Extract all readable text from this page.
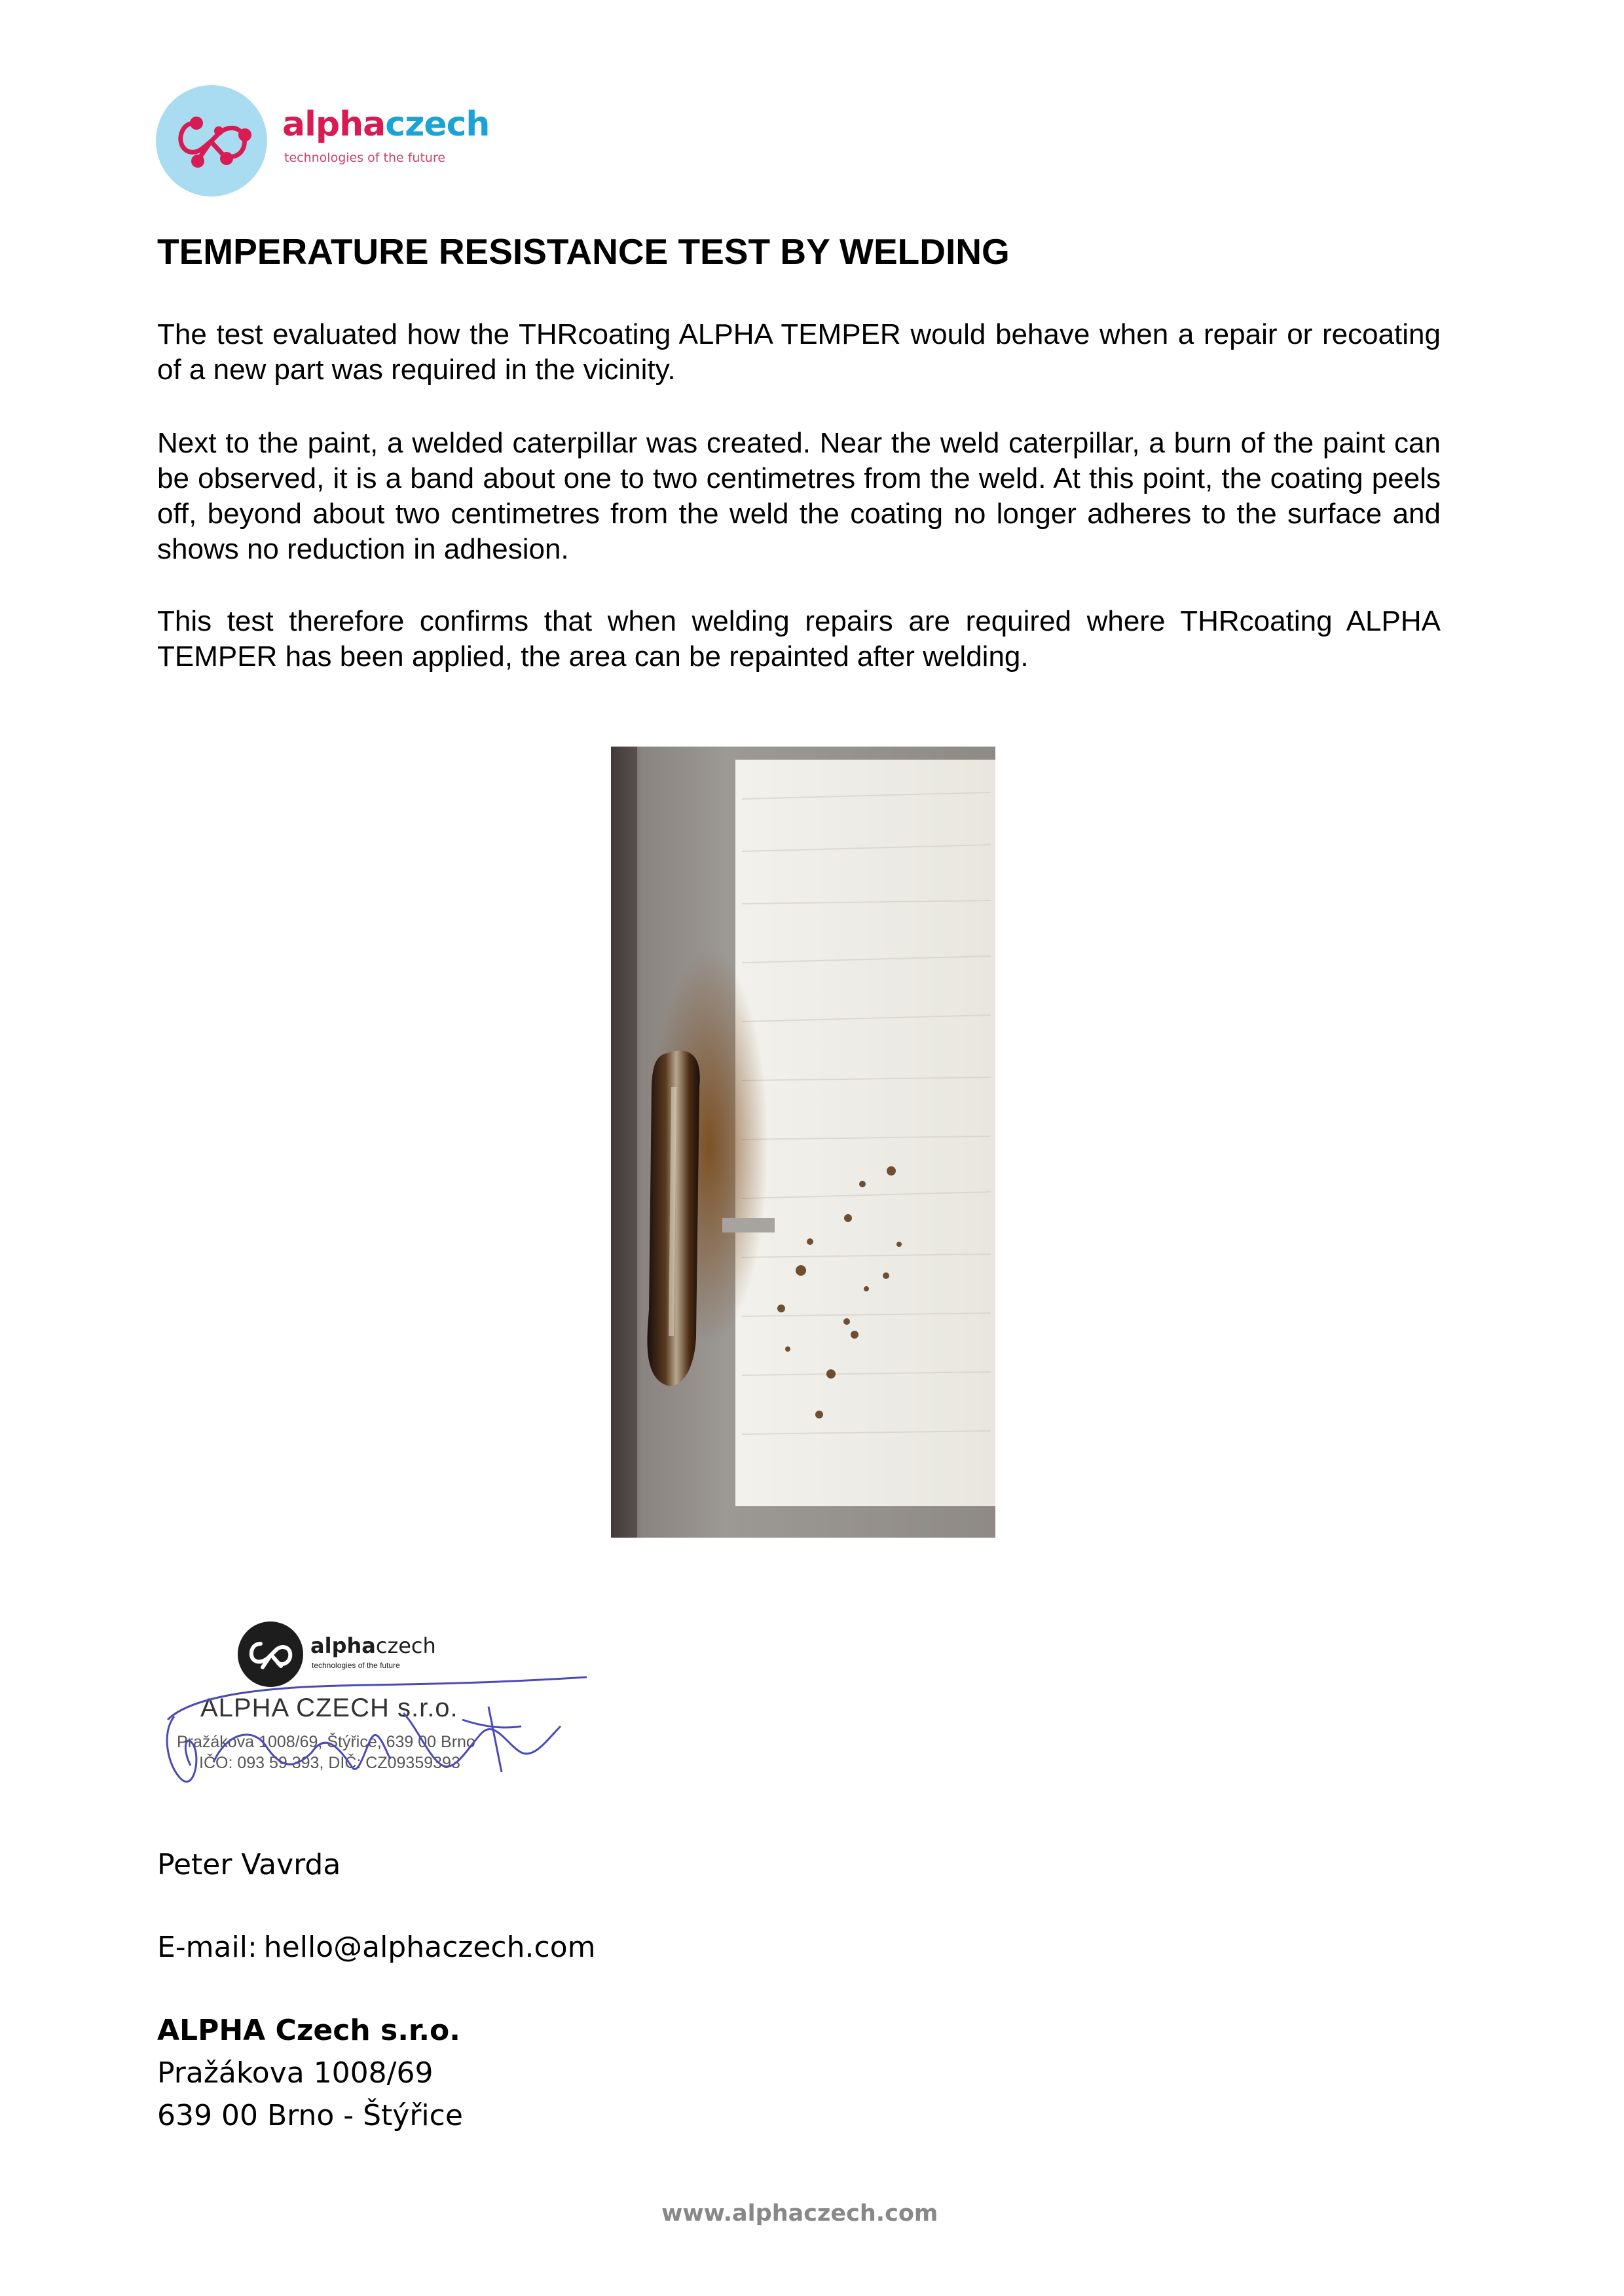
alphaczech
technologies of the future
TEMPERATURE RESISTANCE TEST BY WELDING
The test evaluated how the THRcoating ALPHA TEMPER would behave when a repair or recoating of a new part was required in the vicinity.
Next to the paint, a welded caterpillar was created. Near the weld caterpillar, a burn of the paint can be observed, it is a band about one to two centimetres from the weld. At this point, the coating peels off, beyond about two centimetres from the weld the coating no longer adheres to the surface and shows no reduction in adhesion.
This test therefore confirms that when welding repairs are required where THRcoating ALPHA TEMPER has been applied, the area can be repainted after welding.
alphaczech
technologies of the future
ALPHA CZECH s.r.o.
Pražákova 1008/69, Štýřice, 639 00 Brno
IČO: 093 59 393, DIČ: CZ09359393
Peter Vavrda
E-mail: hello@alphaczech.com
ALPHA Czech s.r.o.
Pražákova 1008/69
639 00 Brno - Štýřice
www.alphaczech.com
